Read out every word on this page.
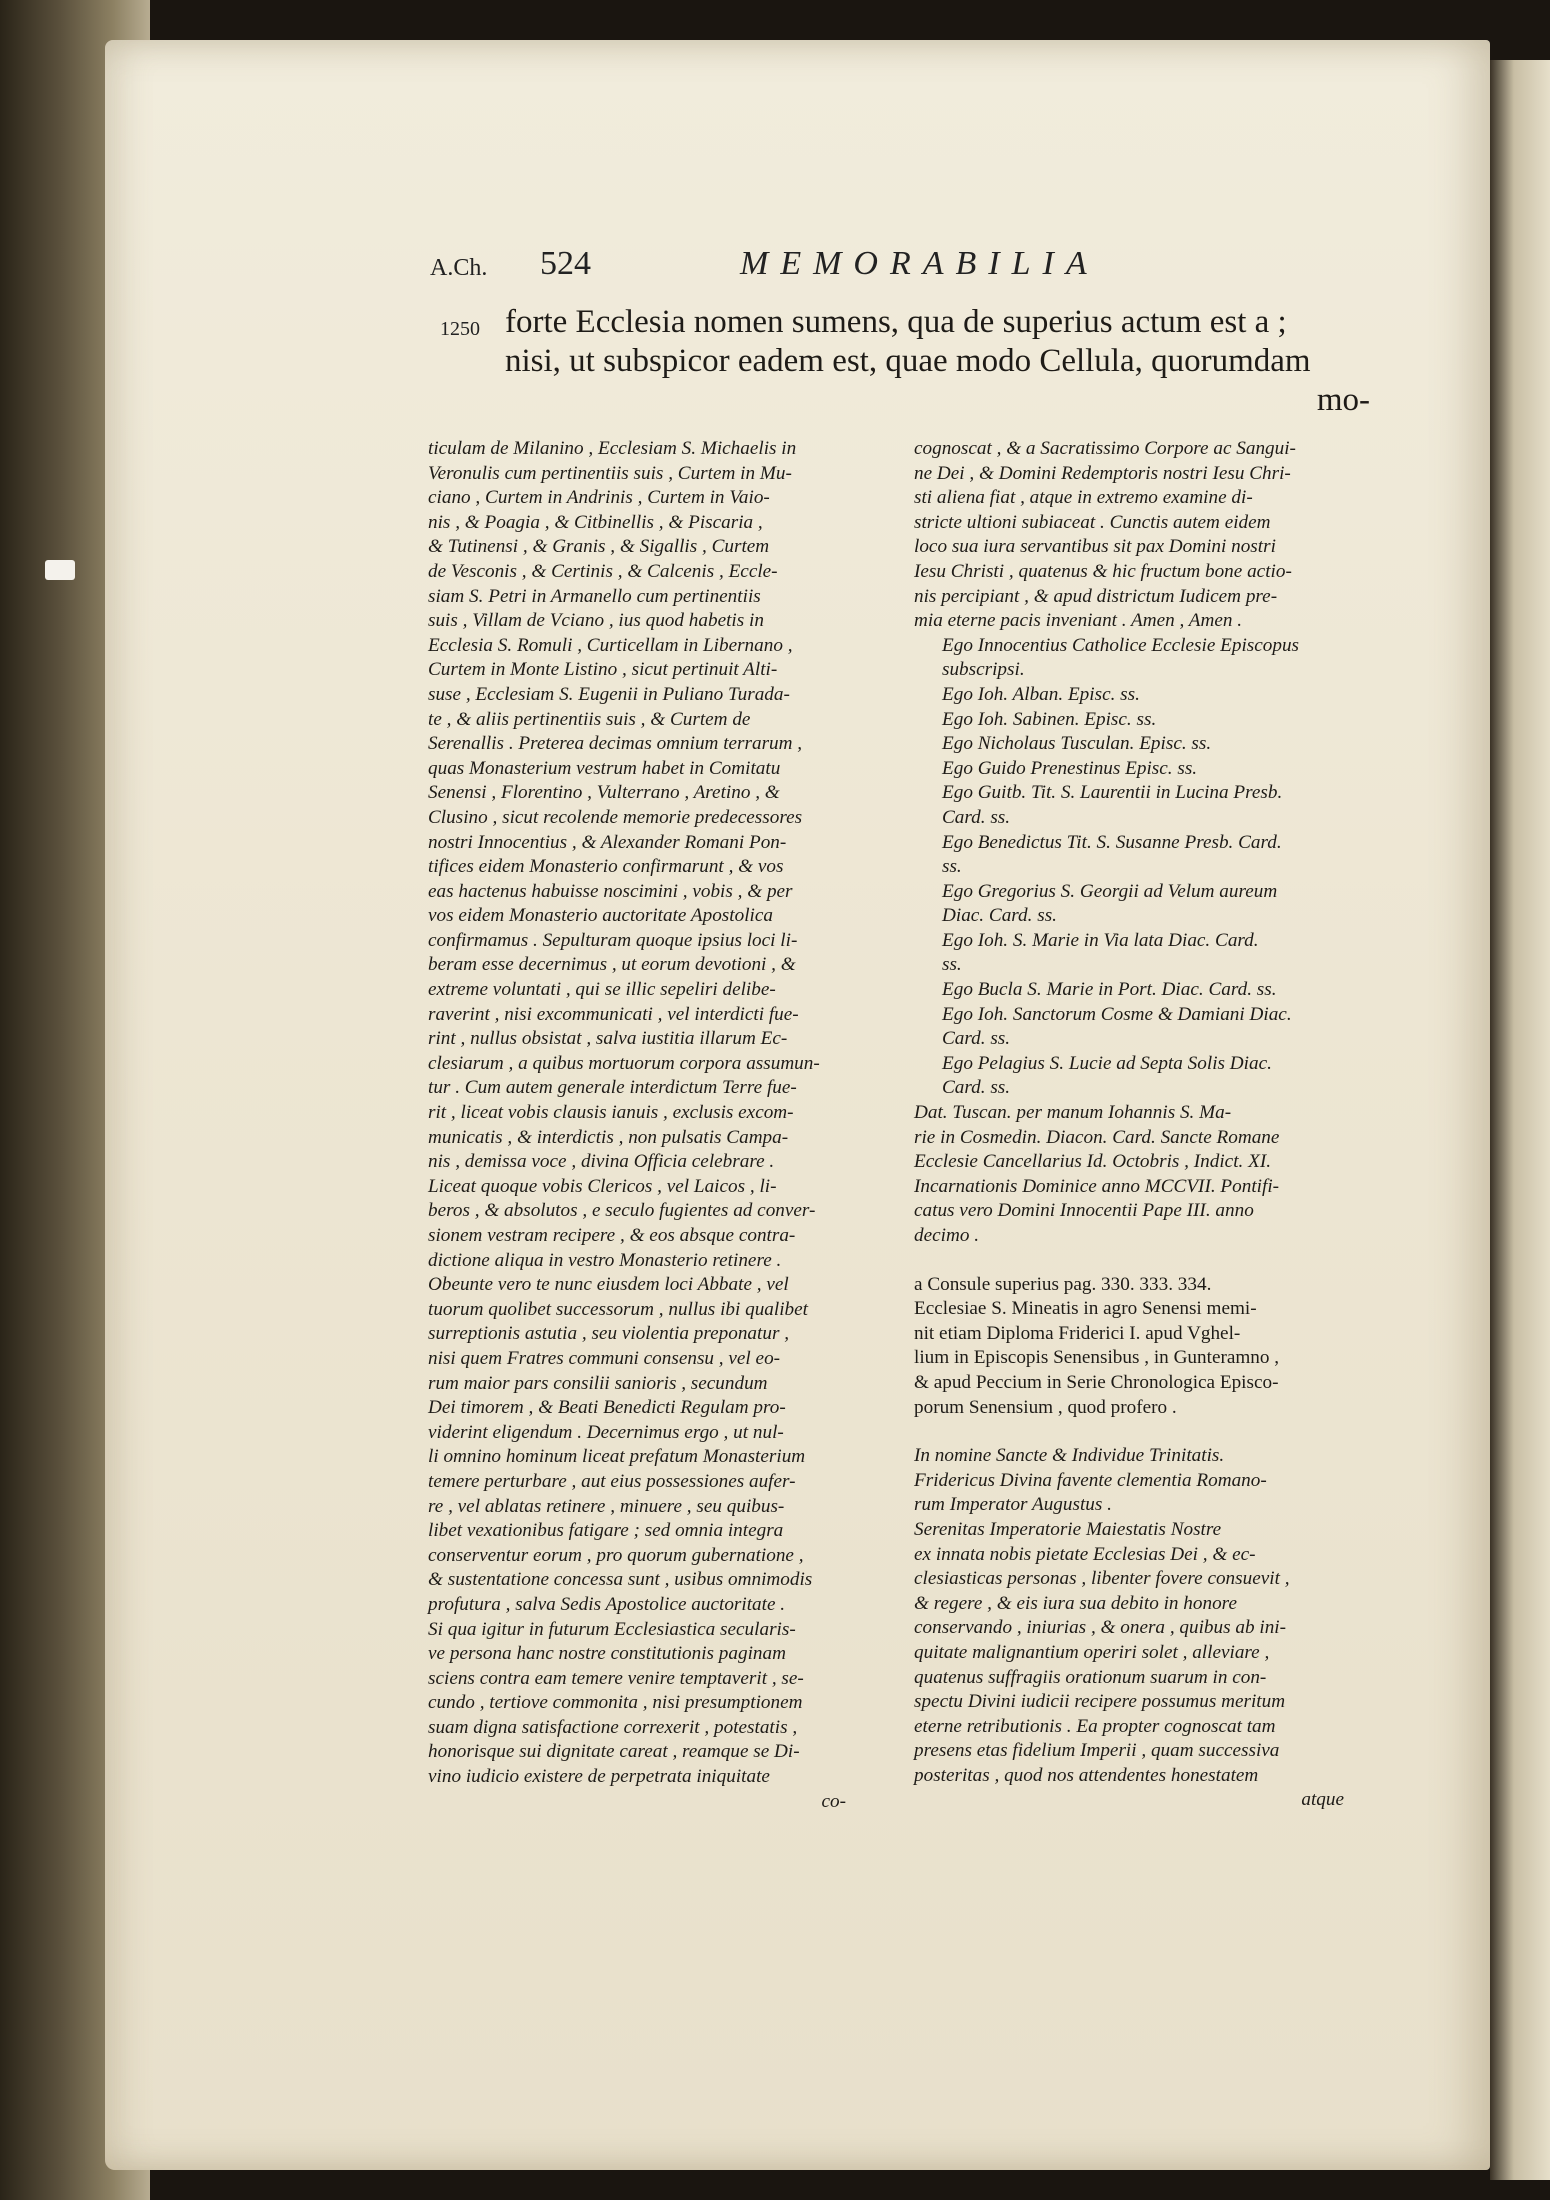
A.Ch. 524	MEMORABILIA
1250 forte Ecclesia nomen sumens, qua de superius actum est a ;
nisi, ut subspicor eadem est, quae modo Cellula, quorumdam
mo-
ticulam de Milanino , Ecclesiam S. Michaelis in
Veronulis cum pertinentiis suis , Curtem in Mu-
ciano , Curtem in Andrinis , Curtem in Vaio-
nis , & Poagia , & Citbinellis , & Piscaria ,
& Tutinensi , & Granis , & Sigallis , Curtem
de Vesconis , & Certinis , & Calcenis , Eccle-
siam S. Petri in Armanello cum pertinentiis
suis , Villam de Vciano , ius quod habetis in
Ecclesia S. Romuli , Curticellam in Libernano ,
Curtem in Monte Listino , sicut pertinuit Alti-
suse , Ecclesiam S. Eugenii in Puliano Turada-
te , & aliis pertinentiis suis , & Curtem de
Serenallis . Preterea decimas omnium terrarum ,
quas Monasterium vestrum habet in Comitatu
Senensi , Florentino , Vulterrano , Aretino , &
Clusino , sicut recolende memorie predecessores
nostri Innocentius , & Alexander Romani Pon-
tifices eidem Monasterio confirmarunt , & vos
eas hactenus habuisse noscimini , vobis , & per
vos eidem Monasterio auctoritate Apostolica
confirmamus . Sepulturam quoque ipsius loci li-
beram esse decernimus , ut eorum devotioni , &
extreme voluntati , qui se illic sepeliri delibe-
raverint , nisi excommunicati , vel interdicti fue-
rint , nullus obsistat , salva iustitia illarum Ec-
clesiarum , a quibus mortuorum corpora assumun-
tur . Cum autem generale interdictum Terre fue-
rit , liceat vobis clausis ianuis , exclusis excom-
municatis , & interdictis , non pulsatis Campa-
nis , demissa voce , divina Officia celebrare .
Liceat quoque vobis Clericos , vel Laicos , li-
beros , & absolutos , e seculo fugientes ad conver-
sionem vestram recipere , & eos absque contra-
dictione aliqua in vestro Monasterio retinere .
Obeunte vero te nunc eiusdem loci Abbate , vel
tuorum quolibet successorum , nullus ibi qualibet
surreptionis astutia , seu violentia preponatur ,
nisi quem Fratres communi consensu , vel eo-
rum maior pars consilii sanioris , secundum
Dei timorem , & Beati Benedicti Regulam pro-
viderint eligendum . Decernimus ergo , ut nul-
li omnino hominum liceat prefatum Monasterium
temere perturbare , aut eius possessiones aufer-
re , vel ablatas retinere , minuere , seu quibus-
libet vexationibus fatigare ; sed omnia integra
conserventur eorum , pro quorum gubernatione ,
& sustentatione concessa sunt , usibus omnimodis
profutura , salva Sedis Apostolice auctoritate .
Si qua igitur in futurum Ecclesiastica secularis-
ve persona hanc nostre constitutionis paginam
sciens contra eam temere venire temptaverit , se-
cundo , tertiove commonita , nisi presumptionem
suam digna satisfactione correxerit , potestatis ,
honorisque sui dignitate careat , reamque se Di-
vino iudicio existere de perpetrata iniquitate
co-
cognoscat , & a Sacratissimo Corpore ac Sangui-
ne Dei , & Domini Redemptoris nostri Iesu Chri-
sti aliena fiat , atque in extremo examine di-
stricte ultioni subiaceat . Cunctis autem eidem
loco sua iura servantibus sit pax Domini nostri
Iesu Christi , quatenus & hic fructum bone actio-
nis percipiant , & apud districtum Iudicem pre-
mia eterne pacis inveniant . Amen , Amen .
Ego Innocentius Catholice Ecclesie Episcopus
subscripsi.
Ego Ioh. Alban. Episc. ss.
Ego Ioh. Sabinen. Episc. ss.
Ego Nicholaus Tusculan. Episc. ss.
Ego Guido Prenestinus Episc. ss.
Ego Guitb. Tit. S. Laurentii in Lucina Presb.
Card. ss.
Ego Benedictus Tit. S. Susanne Presb. Card.
ss.
Ego Gregorius S. Georgii ad Velum aureum
Diac. Card. ss.
Ego Ioh. S. Marie in Via lata Diac. Card.
ss.
Ego Bucla S. Marie in Port. Diac. Card. ss.
Ego Ioh. Sanctorum Cosme & Damiani Diac.
Card. ss.
Ego Pelagius S. Lucie ad Septa Solis Diac.
Card. ss.
Dat. Tuscan. per manum Iohannis S. Ma-
rie in Cosmedin. Diacon. Card. Sancte Romane
Ecclesie Cancellarius Id. Octobris , Indict. XI.
Incarnationis Dominice anno MCCVII. Pontifi-
catus vero Domini Innocentii Pape III. anno
decimo .
a Consule superius pag. 330. 333. 334.
Ecclesiae S. Mineatis in agro Senensi memi-
nit etiam Diploma Friderici I. apud Vghel-
lium in Episcopis Senensibus , in Gunteramno ,
& apud Peccium in Serie Chronologica Episco-
porum Senensium , quod profero .
In nomine Sancte & Individue Trinitatis.
Fridericus Divina favente clementia Romano-
rum Imperator Augustus .
Serenitas Imperatorie Maiestatis Nostre
ex innata nobis pietate Ecclesias Dei , & ec-
clesiasticas personas , libenter fovere consuevit ,
& regere , & eis iura sua debito in honore
conservando , iniurias , & onera , quibus ab ini-
quitate malignantium operiri solet , alleviare ,
quatenus suffragiis orationum suarum in con-
spectu Divini iudicii recipere possumus meritum
eterne retributionis . Ea propter cognoscat tam
presens etas fidelium Imperii , quam successiva
posteritas , quod nos attendentes honestatem
atque
